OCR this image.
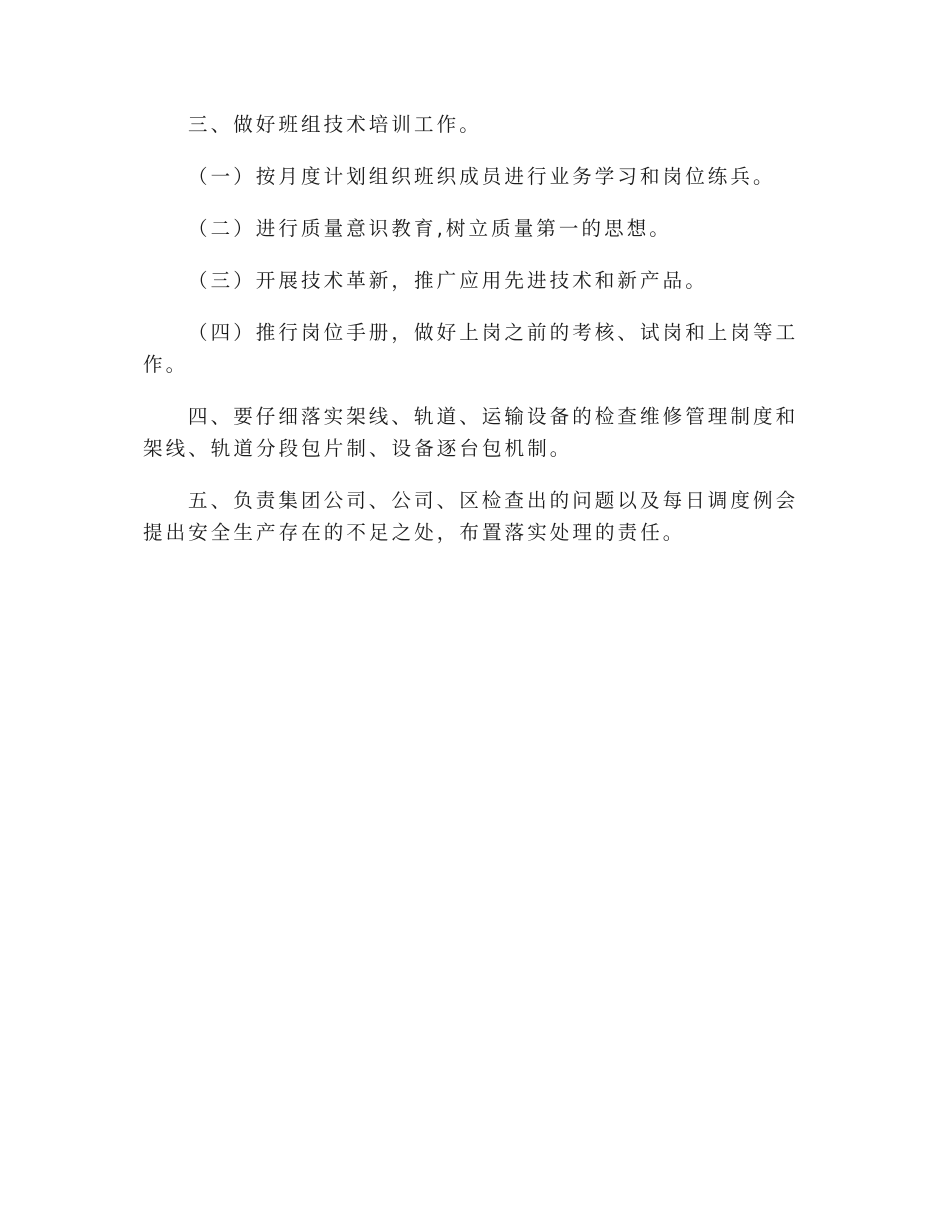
三、做好班组技术培训工作。

（一）按月度计划组织班织成员进行业务学习和岗位练兵。

（二）进行质量意识教育,树立质量第一的思想。

（三）开展技术革新，推广应用先进技术和新产品。

（四）推行岗位手册，做好上岗之前的考核、试岗和上岗等工作。

四、要仔细落实架线、轨道、运输设备的检查维修管理制度和架线、轨道分段包片制、设备逐台包机制。

五、负责集团公司、公司、区检查出的问题以及每日调度例会提出安全生产存在的不足之处，布置落实处理的责任。
